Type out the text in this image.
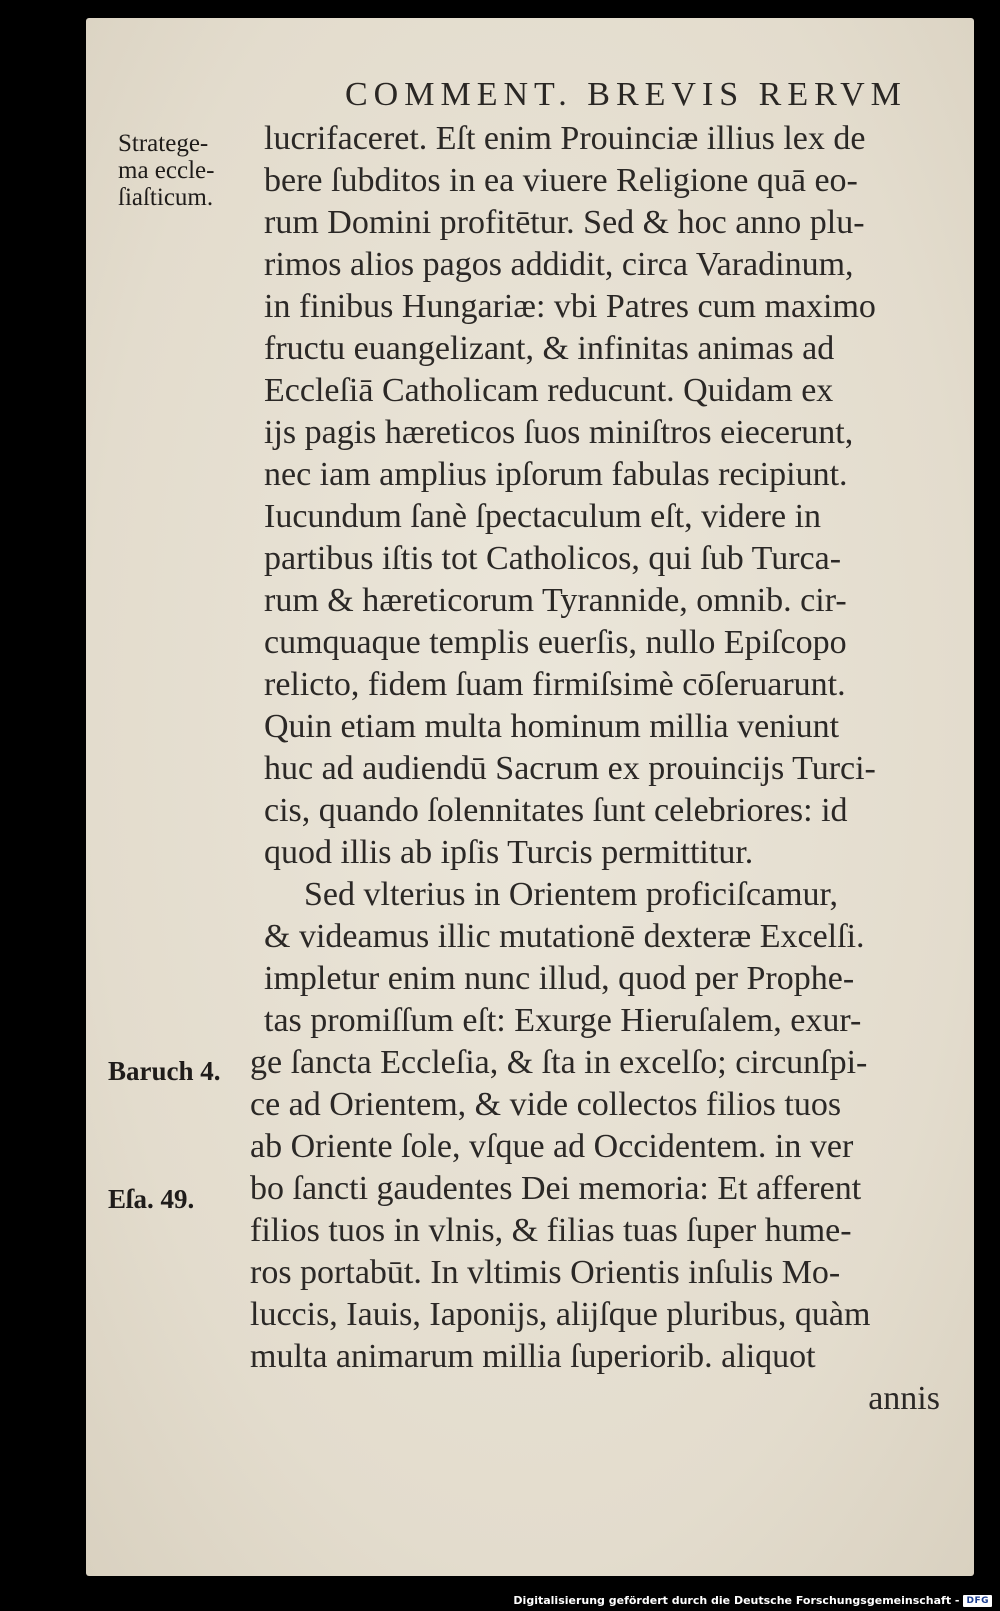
COMMENT. BREVIS RERVM
Stratege-
ma eccle-
ſiaſticum.
Baruch 4.
Eſa. 49.
lucrifaceret. Eſt enim Prouinciæ illius lex de
bere ſubditos in ea viuere Religione quā eo-
rum Domini profitētur. Sed & hoc anno plu-
rimos alios pagos addidit, circa Varadinum,
in finibus Hungariæ: vbi Patres cum maximo
fructu euangelizant, & infinitas animas ad
Eccleſiā Catholicam reducunt. Quidam ex
ijs pagis hæreticos ſuos miniſtros eiecerunt,
nec iam amplius ipſorum fabulas recipiunt.
Iucundum ſanè ſpectaculum eſt, videre in
partibus iſtis tot Catholicos, qui ſub Turca-
rum & hæreticorum Tyrannide, omnib. cir-
cumquaque templis euerſis, nullo Epiſcopo
relicto, fidem ſuam firmiſsimè cōſeruarunt.
Quin etiam multa hominum millia veniunt
huc ad audiendū Sacrum ex prouincijs Turci-
cis, quando ſolennitates ſunt celebriores: id
quod illis ab ipſis Turcis permittitur.
Sed vlterius in Orientem proficiſcamur,
& videamus illic mutationē dexteræ Excelſi.
impletur enim nunc illud, quod per Prophe-
tas promiſſum eſt: Exurge Hieruſalem, exur-
ge ſancta Eccleſia, & ſta in excelſo; circunſpi-
ce ad Orientem, & vide collectos filios tuos
ab Oriente ſole, vſque ad Occidentem. in ver
bo ſancti gaudentes Dei memoria: Et afferent
filios tuos in vlnis, & filias tuas ſuper hume-
ros portabūt. In vltimis Orientis inſulis Mo-
luccis, Iauis, Iaponijs, alijſque pluribus, quàm
multa animarum millia ſuperiorib. aliquot
annis
Digitalisierung gefördert durch die Deutsche Forschungsgemeinschaft - DFG
